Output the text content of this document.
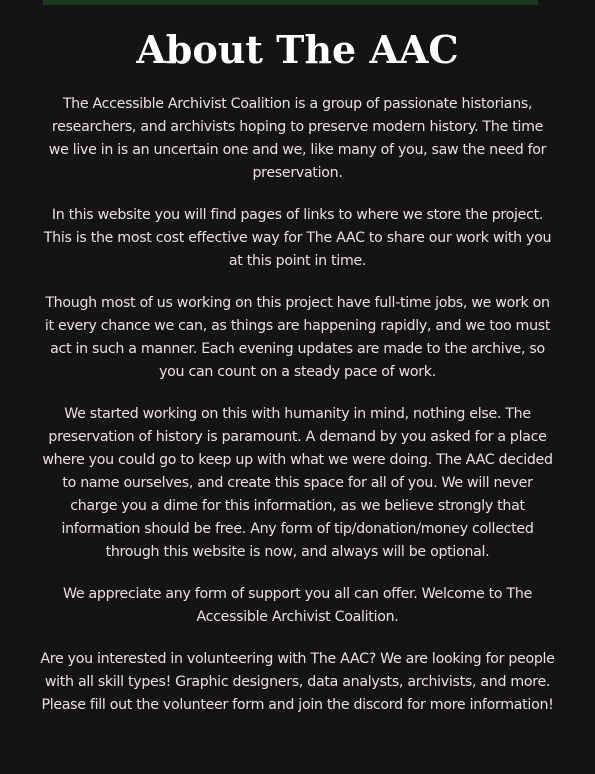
About The AAC

The Accessible Archivist Coalition is a group of passionate historians, researchers, and archivists hoping to preserve modern history. The time we live in is an uncertain one and we, like many of you, saw the need for preservation.

In this website you will find pages of links to where we store the project. This is the most cost effective way for The AAC to share our work with you at this point in time.

Though most of us working on this project have full-time jobs, we work on it every chance we can, as things are happening rapidly, and we too must act in such a manner. Each evening updates are made to the archive, so you can count on a steady pace of work.

We started working on this with humanity in mind, nothing else. The preservation of history is paramount. A demand by you asked for a place where you could go to keep up with what we were doing. The AAC decided to name ourselves, and create this space for all of you. We will never charge you a dime for this information, as we believe strongly that information should be free. Any form of tip/donation/money collected through this website is now, and always will be optional.

We appreciate any form of support you all can offer. Welcome to The Accessible Archivist Coalition.

Are you interested in volunteering with The AAC? We are looking for people with all skill types! Graphic designers, data analysts, archivists, and more. Please fill out the volunteer form and join the discord for more information!
